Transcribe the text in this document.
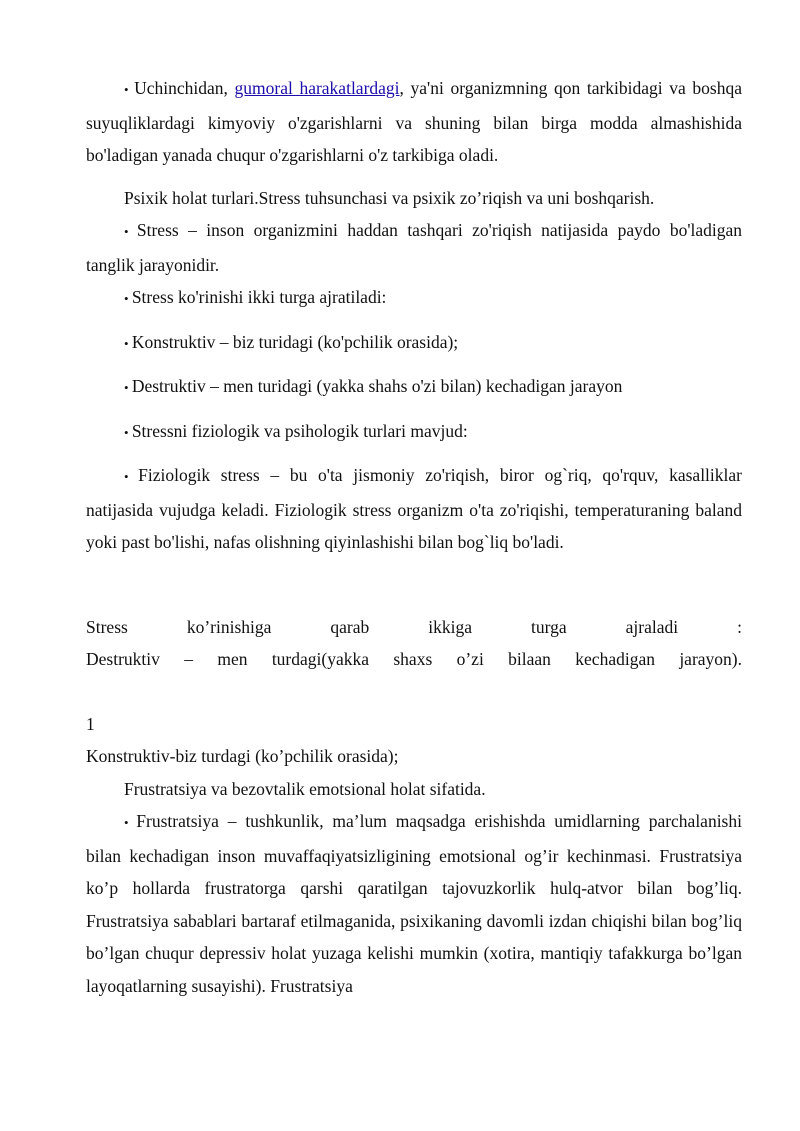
• Uchinchidan, gumoral harakatlardagi, ya'ni organizmning qon tarkibidagi va boshqa suyuqliklardagi kimyoviy o'zgarishlarni va shuning bilan birga modda almashishida bo'ladigan yanada chuqur o'zgarishlarni o'z tarkibiga oladi.

Psixik holat turlari.Stress tuhsunchasi va psixik zo’riqish va uni boshqarish.

• Stress – inson organizmini haddan tashqari zo'riqish natijasida paydo bo'ladigan tanglik jarayonidir.

• Stress ko'rinishi ikki turga ajratiladi:

• Konstruktiv – biz turidagi (ko'pchilik orasida);

• Destruktiv – men turidagi (yakka shahs o'zi bilan) kechadigan jarayon

• Stressni fiziologik va psihologik turlari mavjud:

• Fiziologik stress – bu o'ta jismoniy zo'riqish, biror og`riq, qo'rquv, kasalliklar natijasida vujudga keladi. Fiziologik stress organizm o'ta zo'riqishi, temperaturaning baland yoki past bo'lishi, nafas olishning qiyinlashishi bilan bog`liq bo'ladi.

Stress ko’rinishiga qarab ikkiga turga ajraladi :

Destruktiv – men turdagi(yakka shaxs o’zi bilaan kechadigan jarayon).

1

Konstruktiv-biz turdagi (ko’pchilik orasida);

Frustratsiya va bezovtalik emotsional holat sifatida.

• Frustratsiya – tushkunlik, ma’lum maqsadga erishishda umidlarning parchalanishi bilan kechadigan inson muvaffaqiyatsizligining emotsional og’ir kechinmasi. Frustratsiya ko’p hollarda frustratorga qarshi qaratilgan tajovuzkorlik hulq-atvor bilan bog’liq. Frustratsiya sabablari bartaraf etilmaganida, psixikaning davomli izdan chiqishi bilan bog’liq bo’lgan chuqur depressiv holat yuzaga kelishi mumkin (xotira, mantiqiy tafakkurga bo’lgan layoqatlarning susayishi). Frustratsiya
